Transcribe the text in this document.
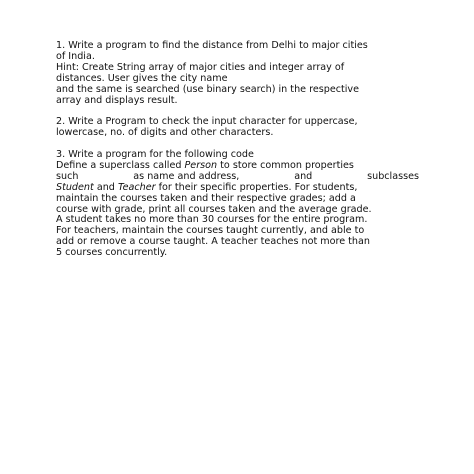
1. Write a program to find the distance from Delhi to major cities
of India.
Hint: Create String array of major cities and integer array of
distances. User gives the city name
and the same is searched (use binary search) in the respective
array and displays result.
2. Write a Program to check the input character for uppercase,
lowercase, no. of digits and other characters.
3. Write a program for the following code
Define a superclass called Person to store common properties
such	as name and address,	and	subclasses
Student and Teacher for their specific properties. For students,
maintain the courses taken and their respective grades; add a
course with grade, print all courses taken and the average grade.
A student takes no more than 30 courses for the entire program.
For teachers, maintain the courses taught currently, and able to
add or remove a course taught. A teacher teaches not more than
5 courses concurrently.
